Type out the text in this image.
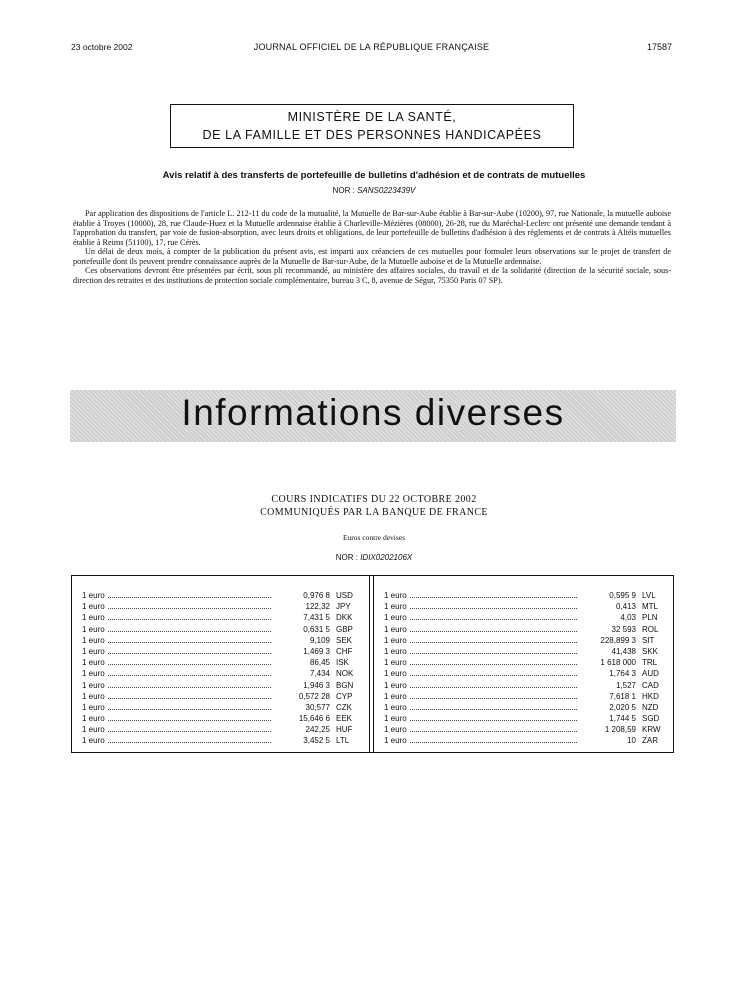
23 octobre 2002	JOURNAL OFFICIEL DE LA RÉPUBLIQUE FRANÇAISE	17587
MINISTÈRE DE LA SANTÉ,
DE LA FAMILLE ET DES PERSONNES HANDICAPÉES
Avis relatif à des transferts de portefeuille de bulletins d'adhésion et de contrats de mutuelles
NOR : SANS0223439V

Par application des dispositions de l'article L. 212-11 du code de la mutualité, la Mutuelle de Bar-sur-Aube établie à Bar-sur-Aube (10200), 97, rue Nationale, la mutuelle auboise établie à Troyes (10000), 28, rue Claude-Huez et la Mutuelle ardennaise établie à Charleville-Mézières (08000), 26-28, rue du Maréchal-Leclerc ont présenté une demande tendant à l'approbation du transfert, par voie de fusion-absorption, avec leurs droits et obligations, de leur portefeuille de bulletins d'adhésion à des règlements et de contrats à Altéis mutuelles établie à Reims (51100), 17, rue Cérès.

Un délai de deux mois, à compter de la publication du présent avis, est imparti aux créanciers de ces mutuelles pour formuler leurs observations sur le projet de transfert de portefeuille dont ils peuvent prendre connaissance auprès de la Mutuelle de Bar-sur-Aube, de la Mutuelle auboise et de la Mutuelle ardennaise.

Ces observations devront être présentées par écrit, sous pli recommandé, au ministère des affaires sociales, du travail et de la solidarité (direction de la sécurité sociale, sous-direction des retraites et des institutions de protection sociale complémentaire, bureau 3 C, 8, avenue de Ségur, 75350 Paris 07 SP).

Informations diverses
COURS INDICATIFS DU 22 OCTOBRE 2002
COMMUNIQUÉS PAR LA BANQUE DE FRANCE
Euros contre devises
NOR : IDIX0202106X
1 euro	0,976 8 USD
1 euro	122,32 JPY
1 euro	7,431 5 DKK
1 euro	0,631 5 GBP
1 euro	9,109 SEK
1 euro	1,469 3 CHF
1 euro	86,45 ISK
1 euro	7,434 NOK
1 euro	1,946 3 BGN
1 euro	0,572 28 CYP
1 euro	30,577 CZK
1 euro	15,646 6 EEK
1 euro	242,25 HUF
1 euro	3,452 5 LTL
1 euro	0,595 9 LVL
1 euro	0,413 MTL
1 euro	4,03 PLN
1 euro	32 593 ROL
1 euro	228,899 3 SIT
1 euro	41,438 SKK
1 euro	1 618 000 TRL
1 euro	1,764 3 AUD
1 euro	1,527 CAD
1 euro	7,618 1 HKD
1 euro	2,020 5 NZD
1 euro	1,744 5 SGD
1 euro	1 208,59 KRW
1 euro	10 ZAR
